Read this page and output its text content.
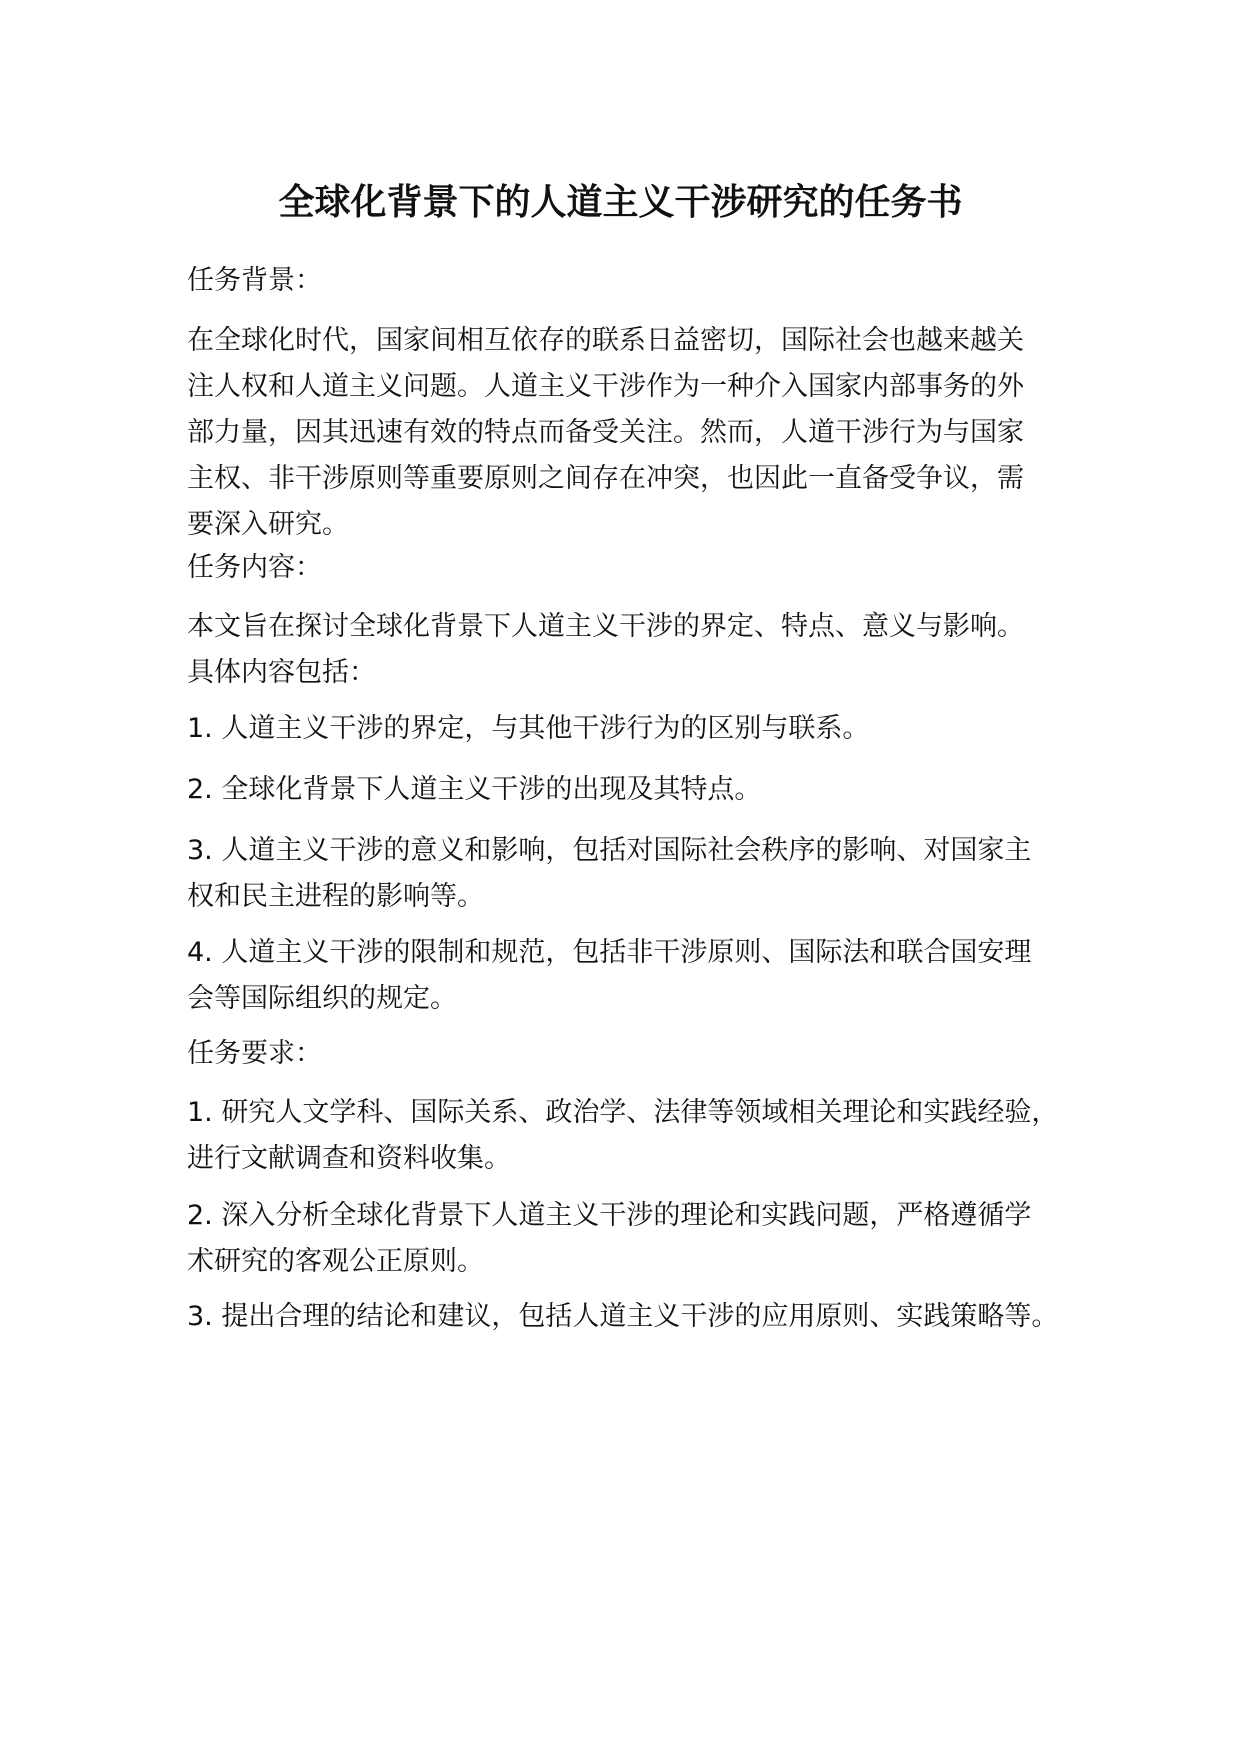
全球化背景下的人道主义干涉研究的任务书

任务背景：

在全球化时代，国家间相互依存的联系日益密切，国际社会也越来越关
注人权和人道主义问题。人道主义干涉作为一种介入国家内部事务的外
部力量，因其迅速有效的特点而备受关注。然而，人道干涉行为与国家
主权、非干涉原则等重要原则之间存在冲突，也因此一直备受争议，需
要深入研究。

任务内容：

本文旨在探讨全球化背景下人道主义干涉的界定、特点、意义与影响。
具体内容包括：
1. 人道主义干涉的界定，与其他干涉行为的区别与联系。
2. 全球化背景下人道主义干涉的出现及其特点。
3. 人道主义干涉的意义和影响，包括对国际社会秩序的影响、对国家主
权和民主进程的影响等。
4. 人道主义干涉的限制和规范，包括非干涉原则、国际法和联合国安理
会等国际组织的规定。

任务要求：

1. 研究人文学科、国际关系、政治学、法律等领域相关理论和实践经验，
进行文献调查和资料收集。
2. 深入分析全球化背景下人道主义干涉的理论和实践问题，严格遵循学
术研究的客观公正原则。
3. 提出合理的结论和建议，包括人道主义干涉的应用原则、实践策略等。
